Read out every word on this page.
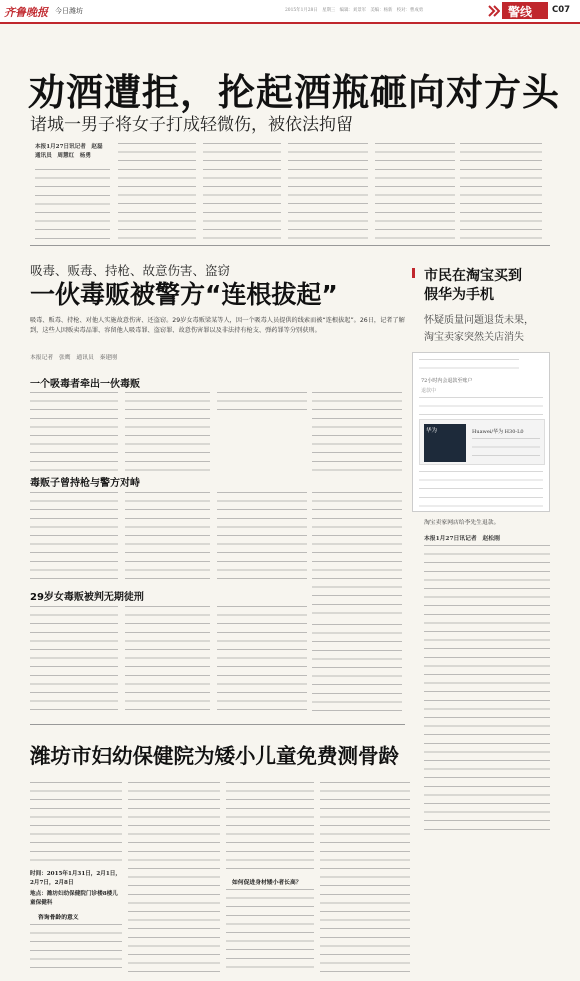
齐鲁晚报 今日潍坊	2015年1月28日　星期三　编辑：刘景军　美编：杨新　校对：曹成勇	警线 C07
劝酒遭拒，抡起酒瓶砸向对方头
诸城一男子将女子打成轻微伤，被依法拘留
本报1月27日讯记者　赵磊　通讯员　周慧红　杨勇
吸毒、贩毒、持枪、故意伤害、盗窃
一伙毒贩被警方“连根拔起”
吸毒、贩毒、持枪、对他人实施故意伤害、还盗窃。29岁女毒贩梁某等人，因一个吸毒人员提供的线索而被“连根拔起”。26日，记者了解到，这些人因贩卖毒品罪、容留他人吸毒罪、盗窃罪、故意伤害罪以及非法持有枪支、弹药罪等分别获刑。
本报记者　张鹰　通讯员　秦建刚
一个吸毒者牵出一伙毒贩
毒贩子曾持枪与警方对峙
29岁女毒贩被判无期徒刑
市民在淘宝买到
假华为手机
怀疑质量问题退货未果，
淘宝卖家突然关店消失
72小时内会退款至账户
退款中
华为	Huawei/华为 H30-L0
淘宝卖家网店给李先生退款。
本报1月27日讯记者　赵松刚
潍坊市妇幼保健院为矮小儿童免费测骨龄
时间：2015年1月31日，2月1日，2月7日，2月8日
地点：潍坊妇幼保健院门诊楼8楼儿童保健科
咨询骨龄的意义
如何促进身材矮小者长高？
